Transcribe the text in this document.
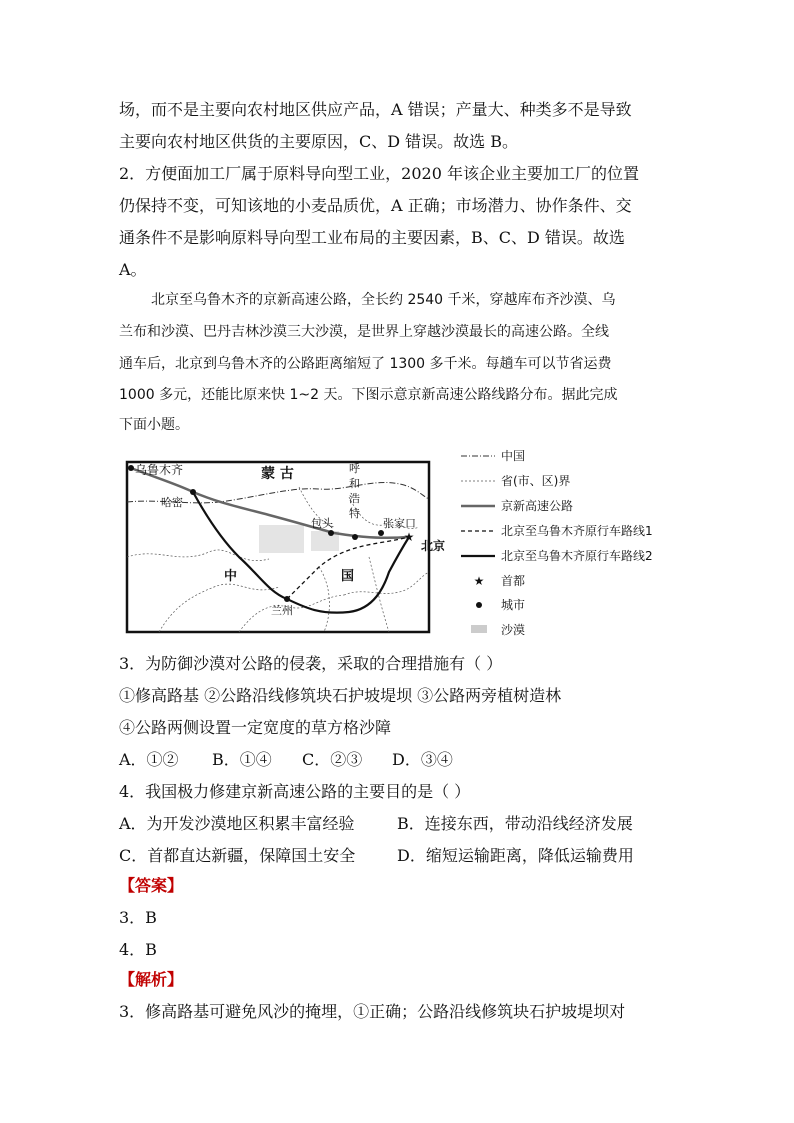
场，而不是主要向农村地区供应产品，A 错误；产量大、种类多不是导致
主要向农村地区供货的主要原因，C、D 错误。故选 B。
2．方便面加工厂属于原料导向型工业，2020 年该企业主要加工厂的位置
仍保持不变，可知该地的小麦品质优，A 正确；市场潜力、协作条件、交
通条件不是影响原料导向型工业布局的主要因素，B、C、D 错误。故选
A。
北京至乌鲁木齐的京新高速公路，全长约 2540 千米，穿越库布齐沙漠、乌
兰布和沙漠、巴丹吉林沙漠三大沙漠，是世界上穿越沙漠最长的高速公路。全线
通车后，北京到乌鲁木齐的公路距离缩短了 1300 多千米。每趟车可以节省运费
1000 多元，还能比原来快 1~2 天。下图示意京新高速公路线路分布。据此完成
下面小题。
★
乌鲁木齐
哈密
蒙 古	呼
和
浩
特
包头	张家口
北京
兰州
中	国
中国
省(市、区)界
京新高速公路
北京至乌鲁木齐原行车路线1
北京至乌鲁木齐原行车路线2
★ 首都
城市
沙漠
3．为防御沙漠对公路的侵袭，采取的合理措施有（ ）
①修高路基 ②公路沿线修筑块石护坡堤坝 ③公路两旁植树造林
④公路两侧设置一定宽度的草方格沙障
A．①② B．①④ C．②③ D．③④
4．我国极力修建京新高速公路的主要目的是（ ）
A．为开发沙漠地区积累丰富经验	B．连接东西，带动沿线经济发展
C．首都直达新疆，保障国土安全	D．缩短运输距离，降低运输费用
【答案】
3．B
4．B
【解析】
3．修高路基可避免风沙的掩埋，①正确；公路沿线修筑块石护坡堤坝对
